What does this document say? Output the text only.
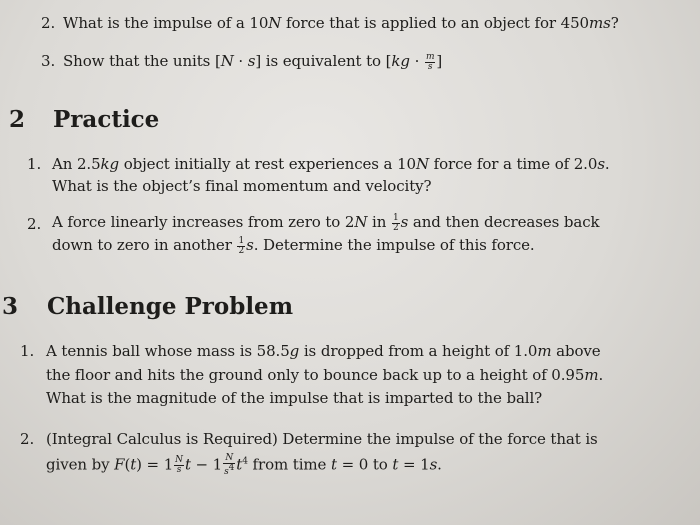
2. What is the impulse of a 10N force that is applied to an object for 450ms?
3. Show that the units [N · s] is equivalent to [$kg \cdot \frac{m}{s}$ ]
2 Practice
1. An 2.5kg object initially at rest experiences a 10N force for a time of 2.0s.
What is the object’s final momentum and velocity?
2. A force linearly increases from zero to 2N in $\frac{1}{2}$ s and then decreases back
down to zero in another $\frac{1}{2} s$. Determine the impulse of this force.
3 Challenge Problem
1. A tennis ball whose mass is 58.5g is dropped from a height of 1.0m above
the floor and hits the ground only to bounce back up to a height of 0.95m.
What is the magnitude of the impulse that is imparted to the ball?
2. (Integral Calculus is Required) Determine the impulse of the force that is
given by $F(t) = 1 \frac{N}{s}$ $t - 1 \frac{N}{s^4} t^4$ from time t = 0 to t = 1s.
